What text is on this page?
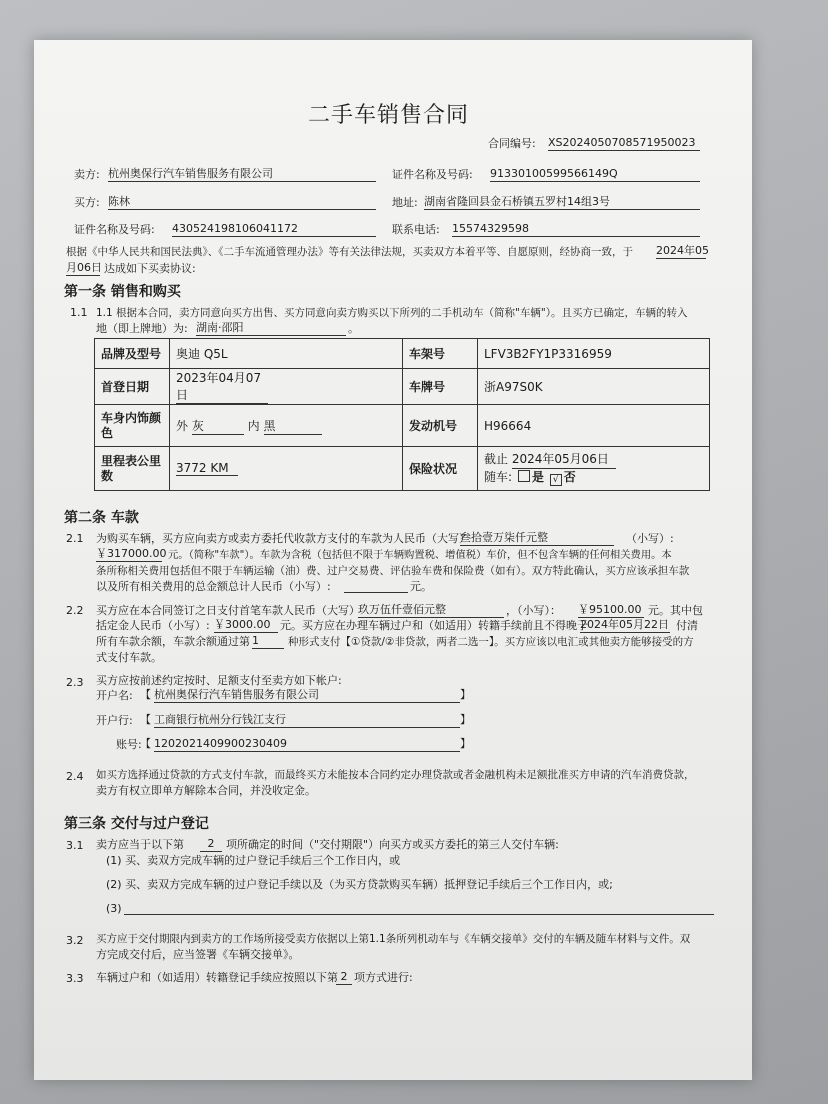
二手车销售合同
合同编号: XS20240507085719500​23
卖方: 杭州奥保行汽车销售服务有限公司	证件名称及号码: 91330100599566149Q
买方: 陈林	地址: 湖南省隆回县金石桥镇五罗村14组3号
证件名称及号码: 430524198106041172	联系电话: 15574329598
根据《中华人民共和国民法典》、《二手车流通管理办法》等有关法律法规，买卖双方本着平等、自愿原则，经协商一致，于 2024年05
月06日 达成如下买卖协议:
第一条 销售和购买
1.1 1.1 根据本合同，卖方同意向买方出售、买方同意向卖方购买以下所列的二手机动车（简称"车辆"）。且买方已确定，车辆的转入
地（即上牌地）为: 湖南·邵阳	。
品牌及型号	奥迪 Q5L	车架号	LFV3B2FY1P3316959
首登日期	2023年04月07日	车牌号	浙A97S0K
车身内饰颜
色	外 灰 内 黑	发动机号	H96664
里程表公里
数	3772 KM	保险状况	截止 2024年05月06日
随车: 是 √ 否
第二条 车款
2.1 为购买车辆，买方应向卖方或卖方委托代收款方支付的车款为人民币（大写）
叁拾壹万柒仟元整	（小写）:
￥317000.00 元。（简称"车款"）。车款为含税（包括但不限于车辆购置税、增值税）车价，但不包含车辆的任何相关费用。本
条所称相关费用包括但不限于车辆运输（油）费、过户交易费、评估验车费和保险费（如有）。双方特此确认，买方应该承担车款
以及所有相关费用的总金额总计人民币（小写）:	元。
2.2 买方应在本合同签订之日支付首笔车款人民币（大写）
玖万伍仟壹佰元整	，（小写）： ￥95100.00 元。其中包
括定金人民币（小写）: ￥3000.00 元。买方应在办理车辆过户和（如适用）转籍手续前且不得晚于
2024年05月22日 付清
所有车款余额，车款余额通过第 1	种形式支付【①贷款/②非贷款，两者二选一】。买方应该以电汇或其他卖方能够接受的方
式支付车款。
2.3 买方应按前述约定按时、足额支付至卖方如下帐户:
开户名: 【 杭州奥保行汽车销售服务有限公司	】
开户行: 【 工商银行杭州分行钱江支行	】
账号:
【 1202021409900230409	】
2.4 如买方选择通过贷款的方式支付车款，而最终买方未能按本合同约定办理贷款或者金融机构未足额批准买方申请的汽车消费贷款，
卖方有权立即单方解除本合同，并没收定金。
第三条 交付与过户登记
3.1 卖方应当于以下第	2	项所确定的时间（"交付期限"）向买方或买方委托的第三人交付车辆:
(1) 买、卖双方完成车辆的过户登记手续后三个工作日内，或
(2) 买、卖双方完成车辆的过户登记手续以及（为买方贷款购买车辆）抵押登记手续后三个工作日内，或;
(3)
3.2 买方应于交付期限内到卖方的工作场所接受卖方依据以上第1.1条所列机动车与《车辆交接单》交付的车辆及随车材料与文件。双
方完成交付后，应当签署《车辆交接单》。
3.3 车辆过户和（如适用）转籍登记手续应按照以下第 2 项方式进行:
